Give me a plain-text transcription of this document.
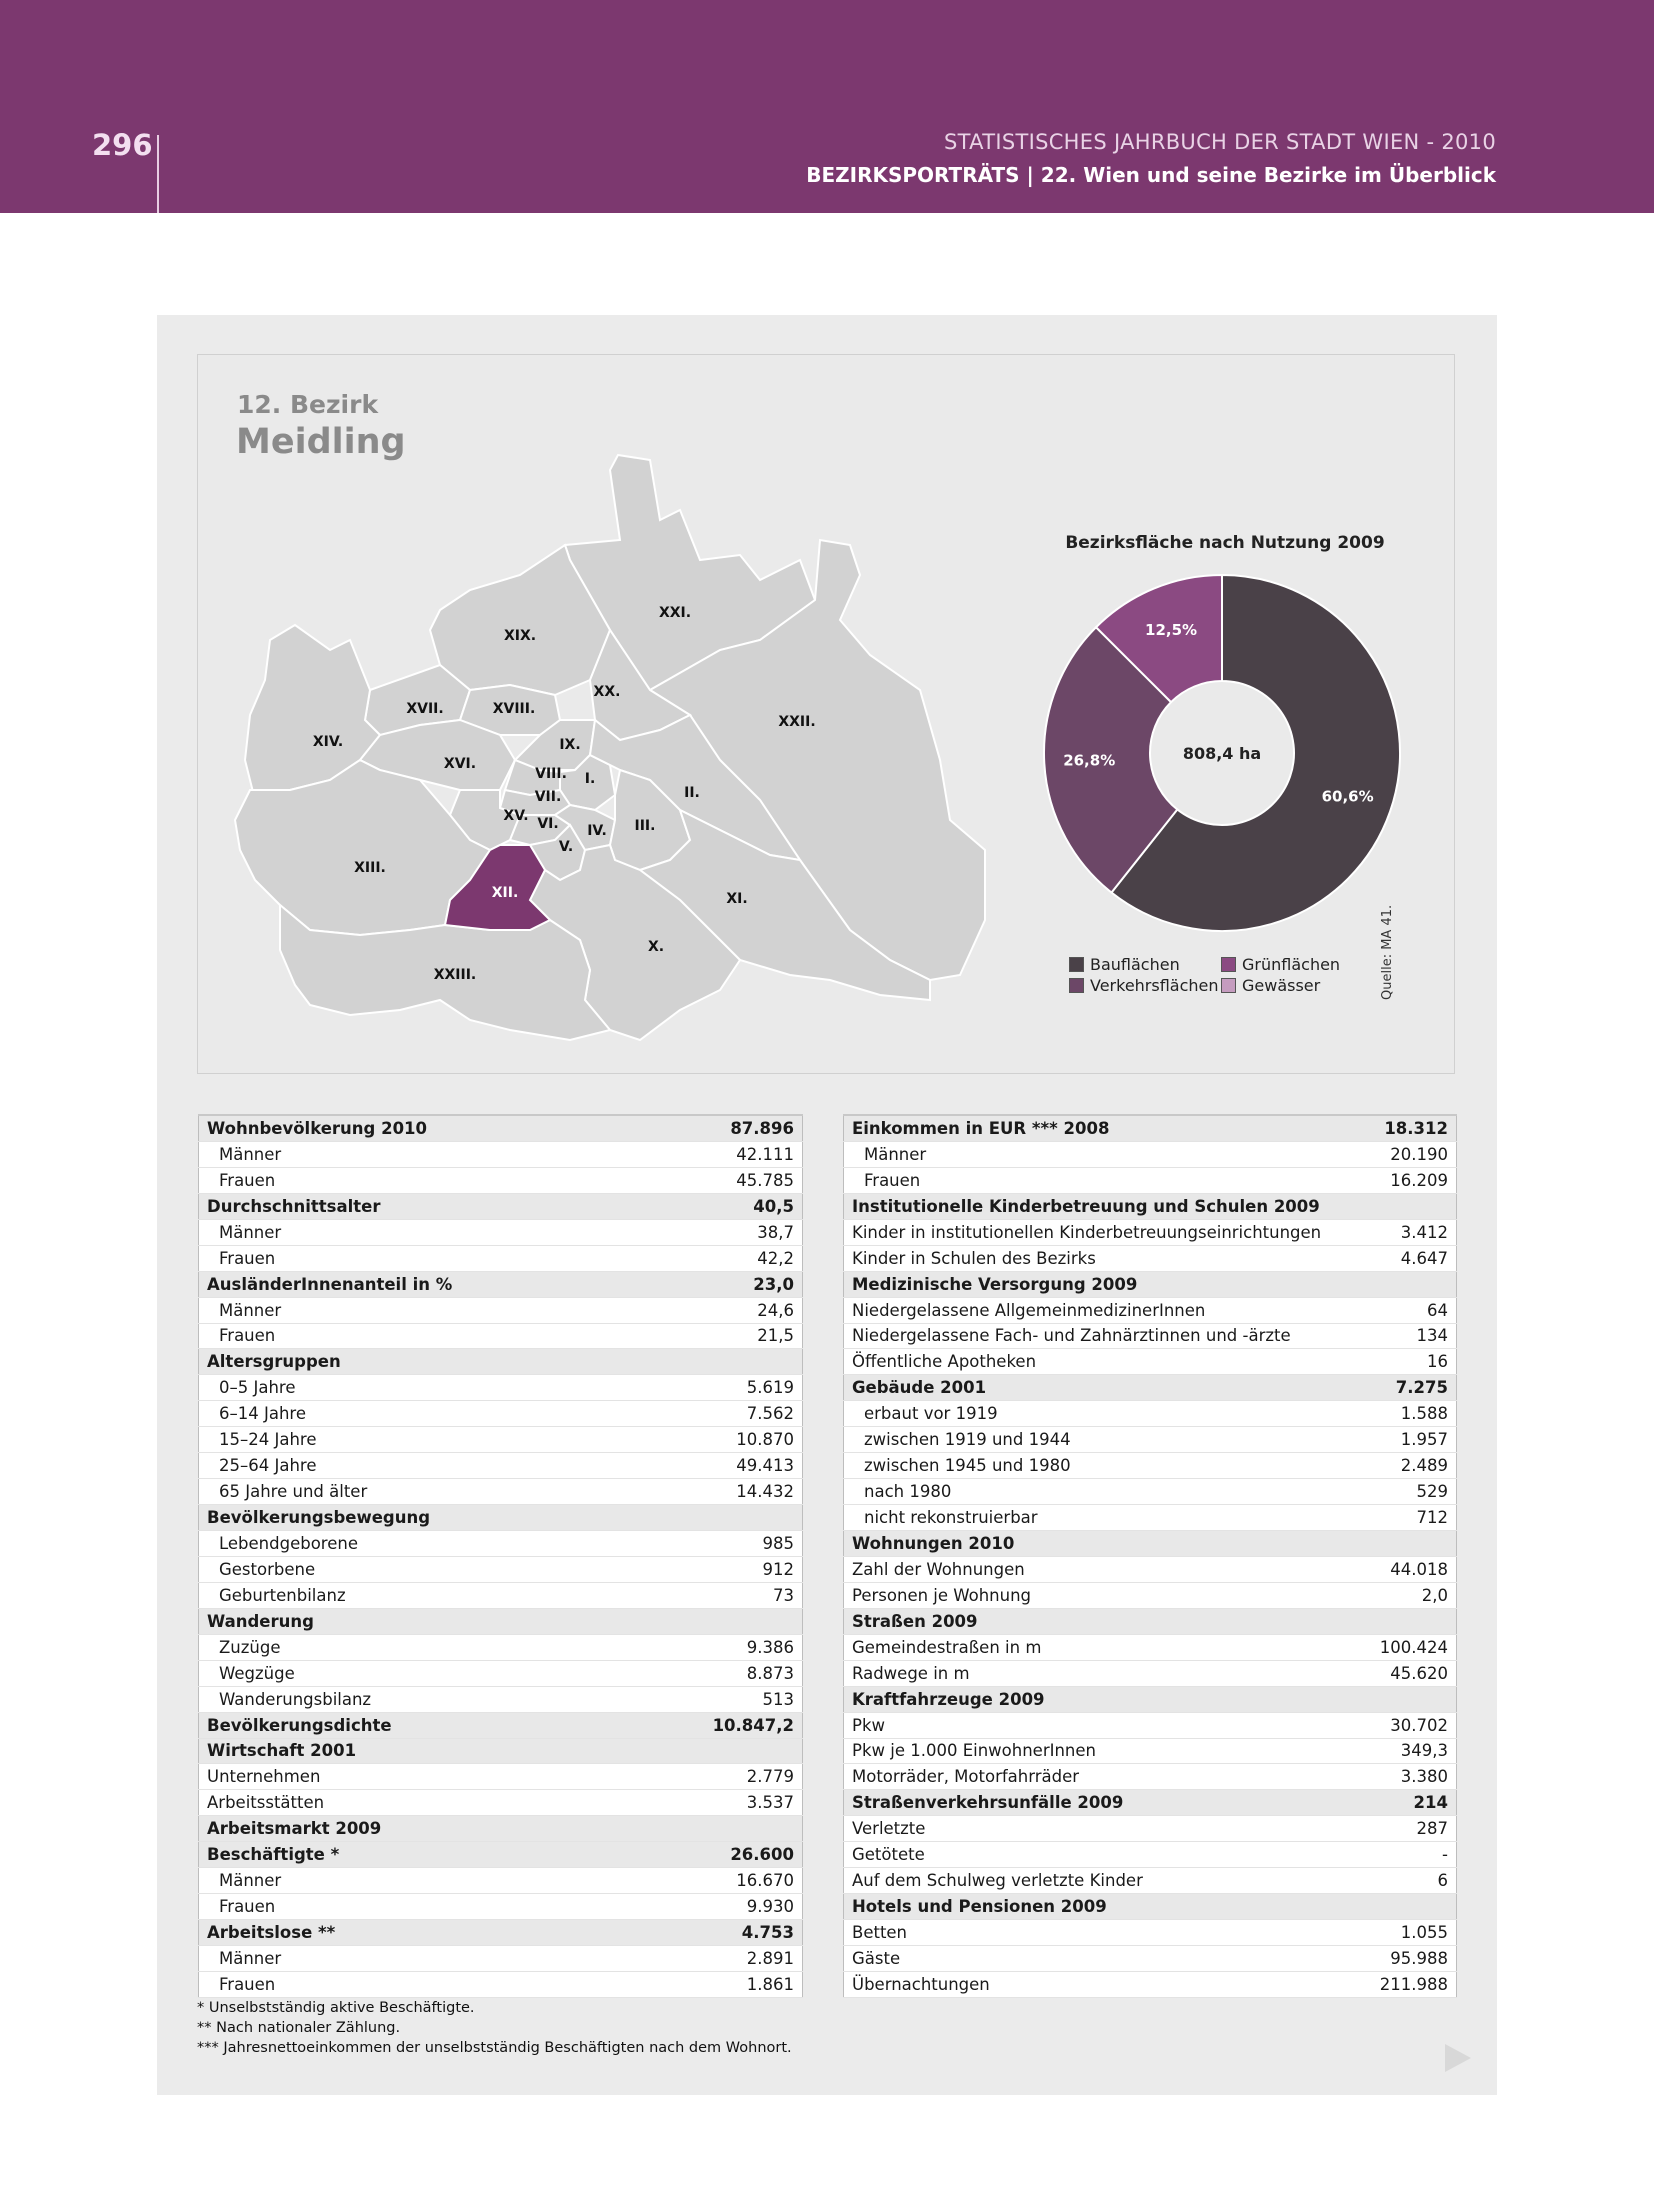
296	STATISTISCHES JAHRBUCH DER STADT WIEN - 2010
BEZIRKSPORTRÄTS | 22. Wien und seine Bezirke im Überblick
12. Bezirk
Meidling
XXI.
XIX.
XX.
XVII.	XVIII.
XXII.
XIV.	IX.
XVI.
VIII. I.
VII.	II.
XV. VI. IV. III.
V.
XIII.
XII.	XI.
X.
XXIII.
Bezirksfläche nach Nutzung 2009
60,6%
26,8%
12,5%
808,4 ha
Bauflächen	Grünflächen
Verkehrsflächen Gewässer	Quelle: MA 41.
Wohnbevölkerung 2010	87.896
Männer	42.111
Frauen	45.785
Durchschnittsalter	40,5
Männer	38,7
Frauen	42,2
AusländerInnenanteil in %	23,0
Männer	24,6
Frauen	21,5
Altersgruppen	
0–5 Jahre	5.619
6–14 Jahre	7.562
15–24 Jahre	10.870
25–64 Jahre	49.413
65 Jahre und älter	14.432
Bevölkerungsbewegung	
Lebendgeborene	985
Gestorbene	912
Geburtenbilanz	73
Wanderung	
Zuzüge	9.386
Wegzüge	8.873
Wanderungsbilanz	513
Bevölkerungsdichte	10.847,2
Wirtschaft 2001	
Unternehmen	2.779
Arbeitsstätten	3.537
Arbeitsmarkt 2009	
Beschäftigte *	26.600
Männer	16.670
Frauen	9.930
Arbeitslose **	4.753
Männer	2.891
Frauen	1.861
Einkommen in EUR *** 2008	18.312
Männer	20.190
Frauen	16.209
Institutionelle Kinderbetreuung und Schulen 2009	
Kinder in institutionellen Kinderbetreuungseinrichtungen	3.412
Kinder in Schulen des Bezirks	4.647
Medizinische Versorgung 2009	
Niedergelassene AllgemeinmedizinerInnen	64
Niedergelassene Fach- und Zahnärztinnen und -ärzte	134
Öffentliche Apotheken	16
Gebäude 2001	7.275
erbaut vor 1919	1.588
zwischen 1919 und 1944	1.957
zwischen 1945 und 1980	2.489
nach 1980	529
nicht rekonstruierbar	712
Wohnungen 2010	
Zahl der Wohnungen	44.018
Personen je Wohnung	2,0
Straßen 2009	
Gemeindestraßen in m	100.424
Radwege in m	45.620
Kraftfahrzeuge 2009	
Pkw	30.702
Pkw je 1.000 EinwohnerInnen	349,3
Motorräder, Motorfahrräder	3.380
Straßenverkehrsunfälle 2009	214
Verletzte	287
Getötete	-
Auf dem Schulweg verletzte Kinder	6
Hotels und Pensionen 2009	
Betten	1.055
Gäste	95.988
Übernachtungen	211.988
* Unselbstständig aktive Beschäftigte.
** Nach nationaler Zählung.
*** Jahresnettoeinkommen der unselbstständig Beschäftigten nach dem Wohnort.
